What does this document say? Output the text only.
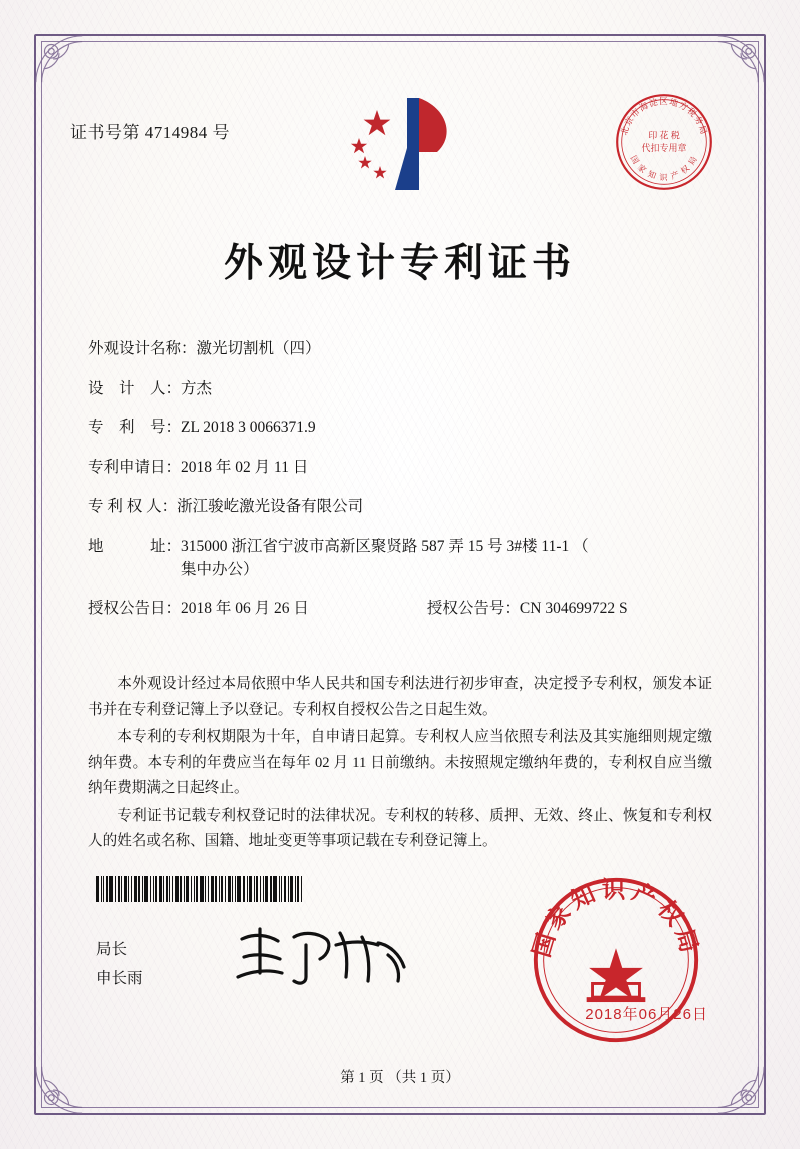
证书号第 4714984 号	北京市海淀区地方税务局
国 家 知 识 产 权 局
印 花 税
代扣专用章
外观设计专利证书
外观设计名称： 激光切割机（四）
设　计　人： 方杰
专　利　号： ZL 2018 3 0066371.9
专利申请日： 2018 年 02 月 11 日
专 利 权 人： 浙江骏屹激光设备有限公司
地　　　址： 315000 浙江省宁波市高新区聚贤路 587 弄 15 号 3#楼 11-1 （
集中办公）
授权公告日： 2018 年 06 月 26 日	授权公告号： CN 304699722 S

本外观设计经过本局依照中华人民共和国专利法进行初步审查，决定授予专利权，颁发本证书并在专利登记簿上予以登记。专利权自授权公告之日起生效。

本专利的专利权期限为十年，自申请日起算。专利权人应当依照专利法及其实施细则规定缴纳年费。本专利的年费应当在每年 02 月 11 日前缴纳。未按照规定缴纳年费的，专利权自应当缴纳年费期满之日起终止。

专利证书记载专利权登记时的法律状况。专利权的转移、质押、无效、终止、恢复和专利权人的姓名或名称、国籍、地址变更等事项记载在专利登记簿上。

局长
申长雨
国家知识产权局
2018年06月26日
第 1 页 （共 1 页）
